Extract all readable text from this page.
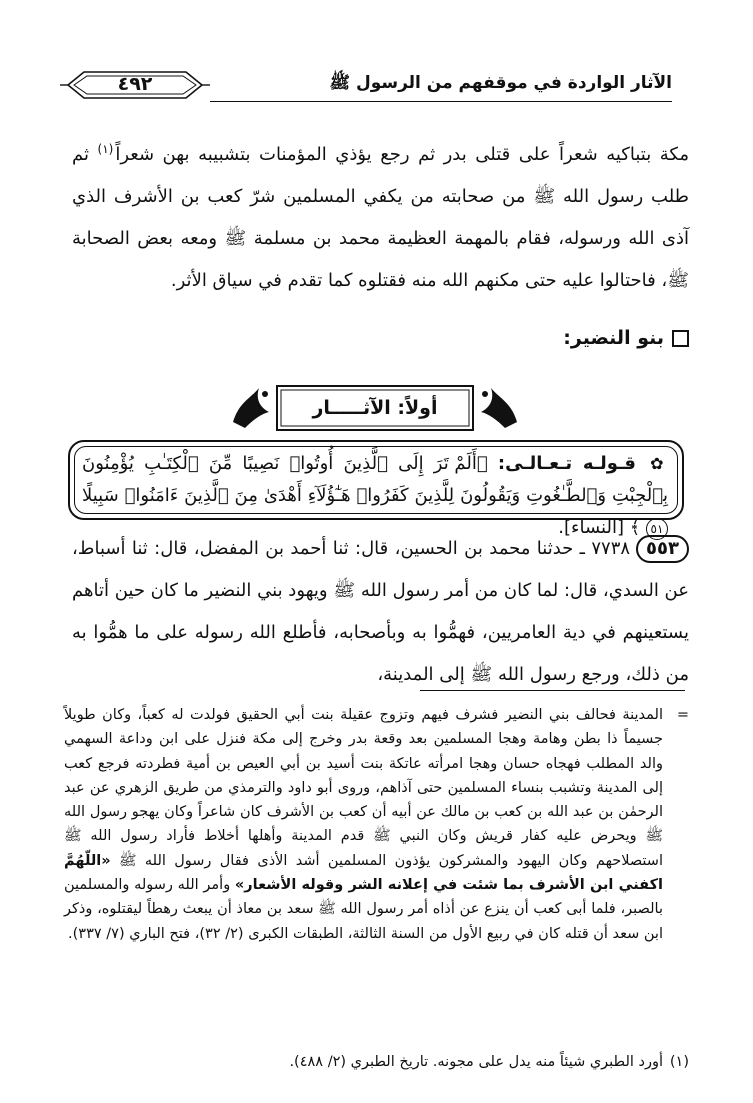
الآثار الواردة في موقفهم من الرسول ﷺ
٤٩٢
مكة بتباكيه شعراً على قتلى بدر ثم رجع يؤذي المؤمنات بتشبيبه بهن شعراً$^{(١)}$ ثم طلب رسول الله ﷺ من صحابته من يكفي المسلمين شرّ كعب بن الأشرف الذي آذى الله ورسوله، فقام بالمهمة العظيمة محمد بن مسلمة ﷺ ومعه بعض الصحابة ﷺ، فاحتالوا عليه حتى مكنهم الله منه فقتلوه كما تقدم في سياق الأثر.
بنو النضير:
أولاً: الآثـــــار
✿ قـولـه تـعـالـى: ﴿أَلَمْ تَرَ إِلَى ٱلَّذِينَ أُوتُوا۟ نَصِيبًا مِّنَ ٱلْكِتَـٰبِ يُؤْمِنُونَ بِٱلْجِبْتِ وَٱلطَّـٰغُوتِ وَيَقُولُونَ لِلَّذِينَ كَفَرُوا۟ هَـٰٓؤُلَآءِ أَهْدَىٰ مِنَ ٱلَّذِينَ ءَامَنُوا۟ سَبِيلًا ٥١ ﴾ [النساء].
٥٥٣٧٧٣٨ ـ حدثنا محمد بن الحسين، قال: ثنا أحمد بن المفضل، قال: ثنا أسباط، عن السدي، قال: لما كان من أمر رسول الله ﷺ ويهود بني النضير ما كان حين أتاهم يستعينهم في دية العامريين، فهمُّوا به وبأصحابه، فأطلع الله رسوله على ما همُّوا به من ذلك، ورجع رسول الله ﷺ إلى المدينة،
=
المدينة فحالف بني النضير فشرف فيهم وتزوج عقيلة بنت أبي الحقيق فولدت له كعباً، وكان طويلاً جسيماً ذا بطن وهامة وهجا المسلمين بعد وقعة بدر وخرج إلى مكة فنزل على ابن وداعة السهمي والد المطلب فهجاه حسان وهجا امرأته عاتكة بنت أسيد بن أبي العيص بن أمية فطردته فرجع كعب إلى المدينة وتشبب بنساء المسلمين حتى آذاهم، وروى أبو داود والترمذي من طريق الزهري عن عبد الرحمٰن بن عبد الله بن كعب بن مالك عن أبيه أن كعب بن الأشرف كان شاعراً وكان يهجو رسول الله ﷺ ويحرض عليه كفار قريش وكان النبي ﷺ قدم المدينة وأهلها أخلاط فأراد رسول الله ﷺ استصلاحهم وكان اليهود والمشركون يؤذون المسلمين أشد الأذى فقال رسول الله ﷺ «اللّهُمَّ اكفني ابن الأشرف بما شئت في إعلانه الشر وقوله الأشعار» وأمر الله رسوله والمسلمين بالصبر، فلما أبى كعب أن ينزع عن أذاه أمر رسول الله ﷺ سعد بن معاذ أن يبعث رهطاً ليقتلوه، وذكر ابن سعد أن قتله كان في ربيع الأول من السنة الثالثة، الطبقات الكبرى (٢/ ٣٢)، فتح الباري (٧/ ٣٣٧).
(١)
أورد الطبري شيئاً منه يدل على مجونه. تاريخ الطبري (٢/ ٤٨٨).
